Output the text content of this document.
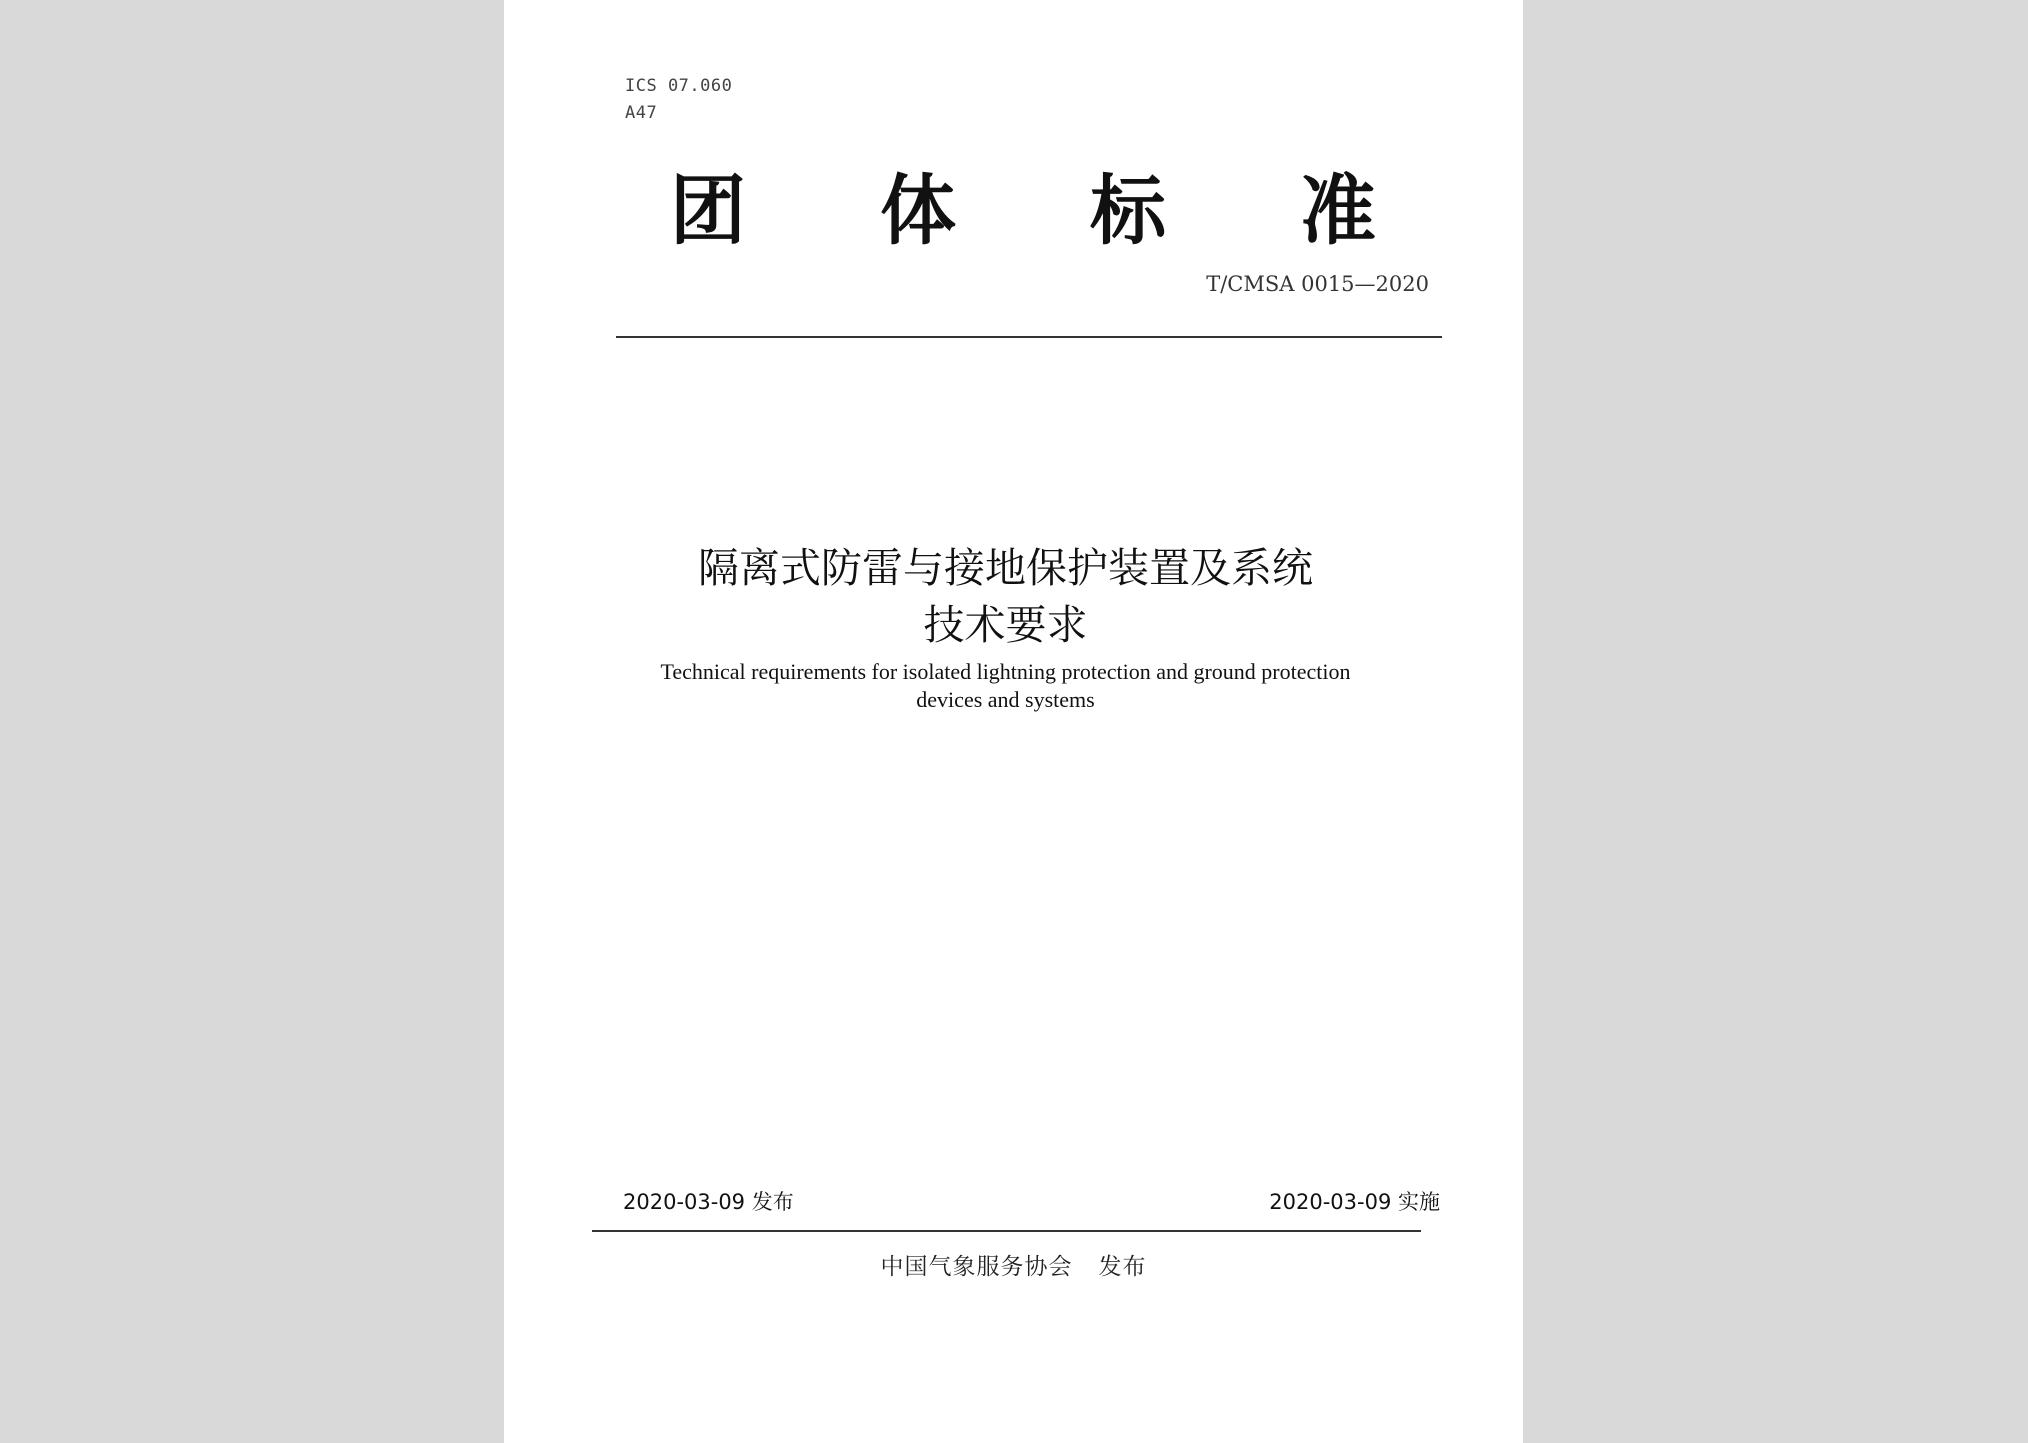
ICS 07.060
A47
团 体 标 准
T/CMSA 0015—2020
隔离式防雷与接地保护装置及系统
技术要求
Technical requirements for isolated lightning protection and ground protection
devices and systems
2020-03-09 发布	2020-03-09 实施
中国气象服务协会 发布
